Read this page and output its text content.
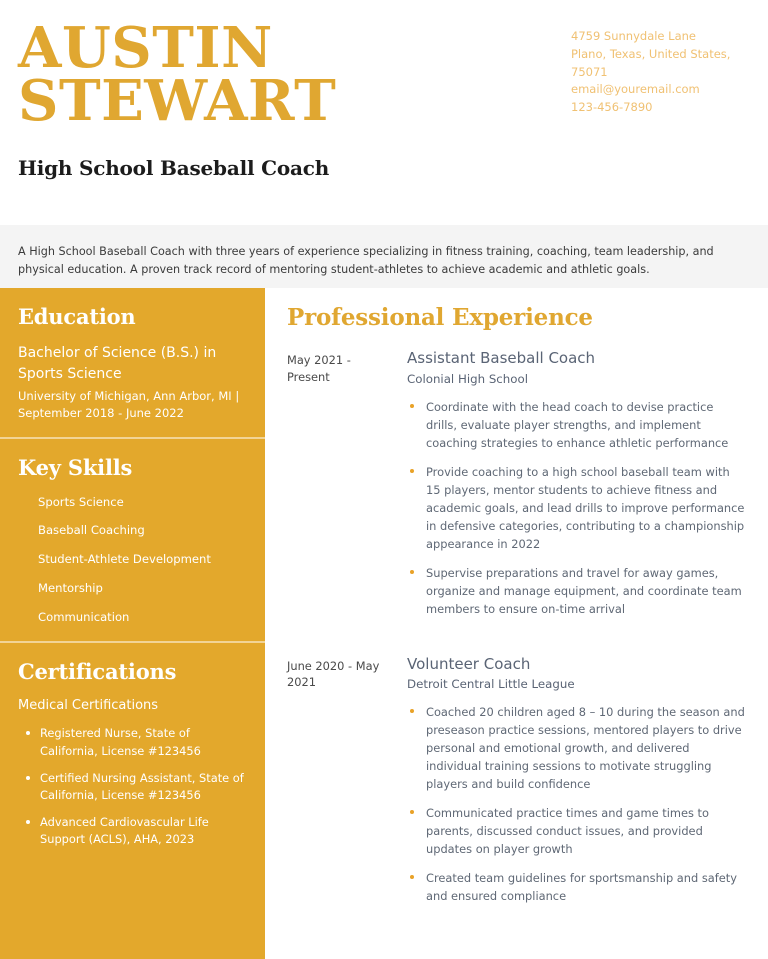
AUSTIN STEWART
High School Baseball Coach
4759 Sunnydale Lane
Plano, Texas, United States, 75071
email@youremail.com
123-456-7890

A High School Baseball Coach with three years of experience specializing in fitness training, coaching, team leadership, and physical education. A proven track record of mentoring student-athletes to achieve academic and athletic goals.

Education
Bachelor of Science (B.S.) in Sports Science
University of Michigan, Ann Arbor, MI | September 2018 - June 2022
Key Skills
Sports Science
Baseball Coaching
Student-Athlete Development
Mentorship
Communication
Certifications
Medical Certifications
Registered Nurse, State of California, License #123456
Certified Nursing Assistant, State of California, License #123456
Advanced Cardiovascular Life Support (ACLS), AHA, 2023
Professional Experience
May 2021 - Present
Assistant Baseball Coach
Colonial High School
Coordinate with the head coach to devise practice drills, evaluate player strengths, and implement coaching strategies to enhance athletic performance
Provide coaching to a high school baseball team with 15 players, mentor students to achieve fitness and academic goals, and lead drills to improve performance in defensive categories, contributing to a championship appearance in 2022
Supervise preparations and travel for away games, organize and manage equipment, and coordinate team members to ensure on-time arrival
June 2020 - May 2021
Volunteer Coach
Detroit Central Little League
Coached 20 children aged 8 – 10 during the season and preseason practice sessions, mentored players to drive personal and emotional growth, and delivered individual training sessions to motivate struggling players and build confidence
Communicated practice times and game times to parents, discussed conduct issues, and provided updates on player growth
Created team guidelines for sportsmanship and safety and ensured compliance
